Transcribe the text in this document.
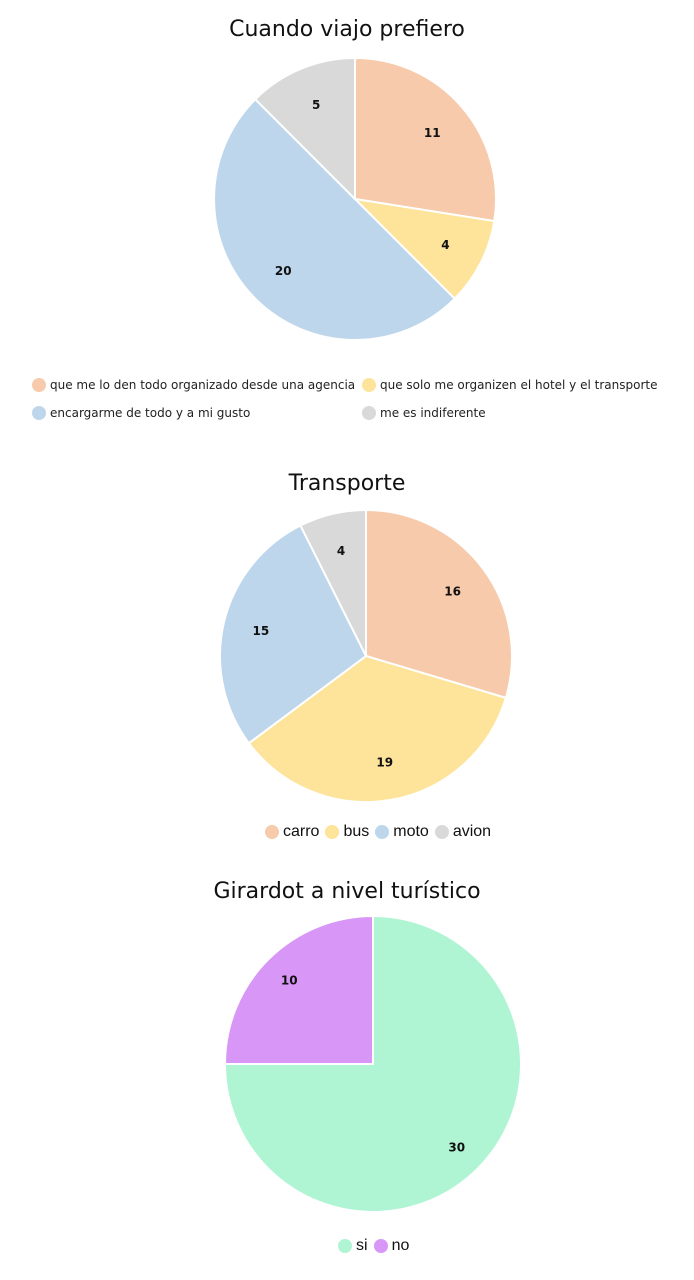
Cuando viajo prefiero
11
4
20
5
que me lo den todo organizado desde una agencia que solo me organizen el hotel y el transporte
encargarme de todo y a mi gusto	me es indiferente
Transporte
16
19
15
4
carro bus moto avion
Girardot a nivel turístico
30
10
si no
